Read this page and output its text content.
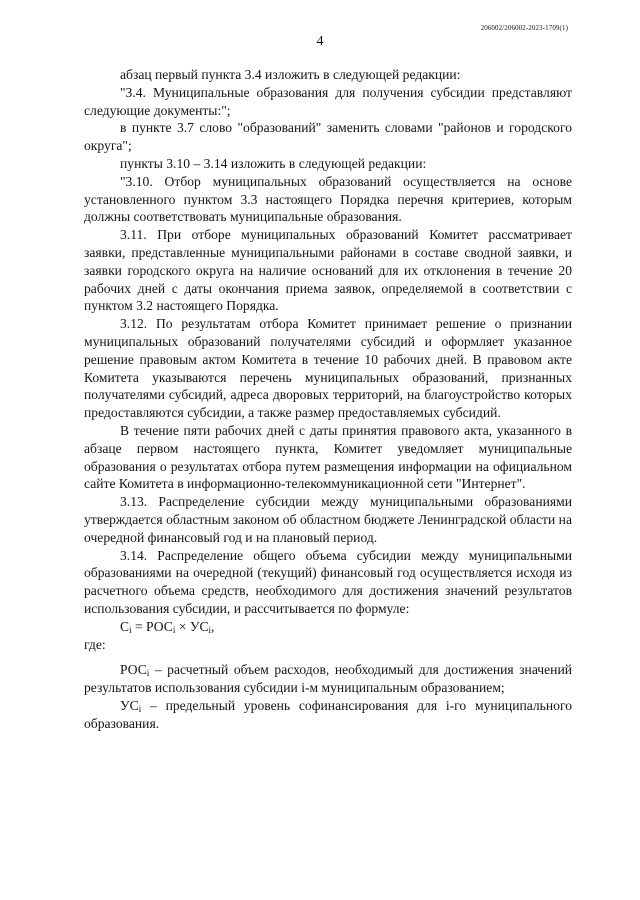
206002/206002-2023-1709(1)
4

абзац первый пункта 3.4 изложить в следующей редакции:

"3.4. Муниципальные образования для получения субсидии представляют следующие документы:";

в пункте 3.7 слово "образований" заменить словами "районов и городского округа";

пункты 3.10 – 3.14 изложить в следующей редакции:

"3.10. Отбор муниципальных образований осуществляется на основе установленного пунктом 3.3 настоящего Порядка перечня критериев, которым должны соответствовать муниципальные образования.

3.11. При отборе муниципальных образований Комитет рассматривает заявки, представленные муниципальными районами в составе сводной заявки, и заявки городского округа на наличие оснований для их отклонения в течение 20 рабочих дней с даты окончания приема заявок, определяемой в соответствии с пунктом 3.2 настоящего Порядка.

3.12. По результатам отбора Комитет принимает решение о признании муниципальных образований получателями субсидий и оформляет указанное решение правовым актом Комитета в течение 10 рабочих дней. В правовом акте Комитета указываются перечень муниципальных образований, признанных получателями субсидий, адреса дворовых территорий, на благоустройство которых предоставляются субсидии, а также размер предоставляемых субсидий.

В течение пяти рабочих дней с даты принятия правового акта, указанного в абзаце первом настоящего пункта, Комитет уведомляет муниципальные образования о результатах отбора путем размещения информации на официальном сайте Комитета в информационно-телекоммуникационной сети "Интернет".

3.13. Распределение субсидии между муниципальными образованиями утверждается областным законом об областном бюджете Ленинградской области на очередной финансовый год и на плановый период.

3.14. Распределение общего объема субсидии между муниципальными образованиями на очередной (текущий) финансовый год осуществляется исходя из расчетного объема средств, необходимого для достижения значений результатов использования субсидии, и рассчитывается по формуле:

$C_i = РОС_i \times УС_i$,

где:

$РОС_i$ – расчетный объем расходов, необходимый для достижения значений результатов использования субсидии i-м муниципальным образованием;

$УС_i$ – предельный уровень софинансирования для i-го муниципального образования.
